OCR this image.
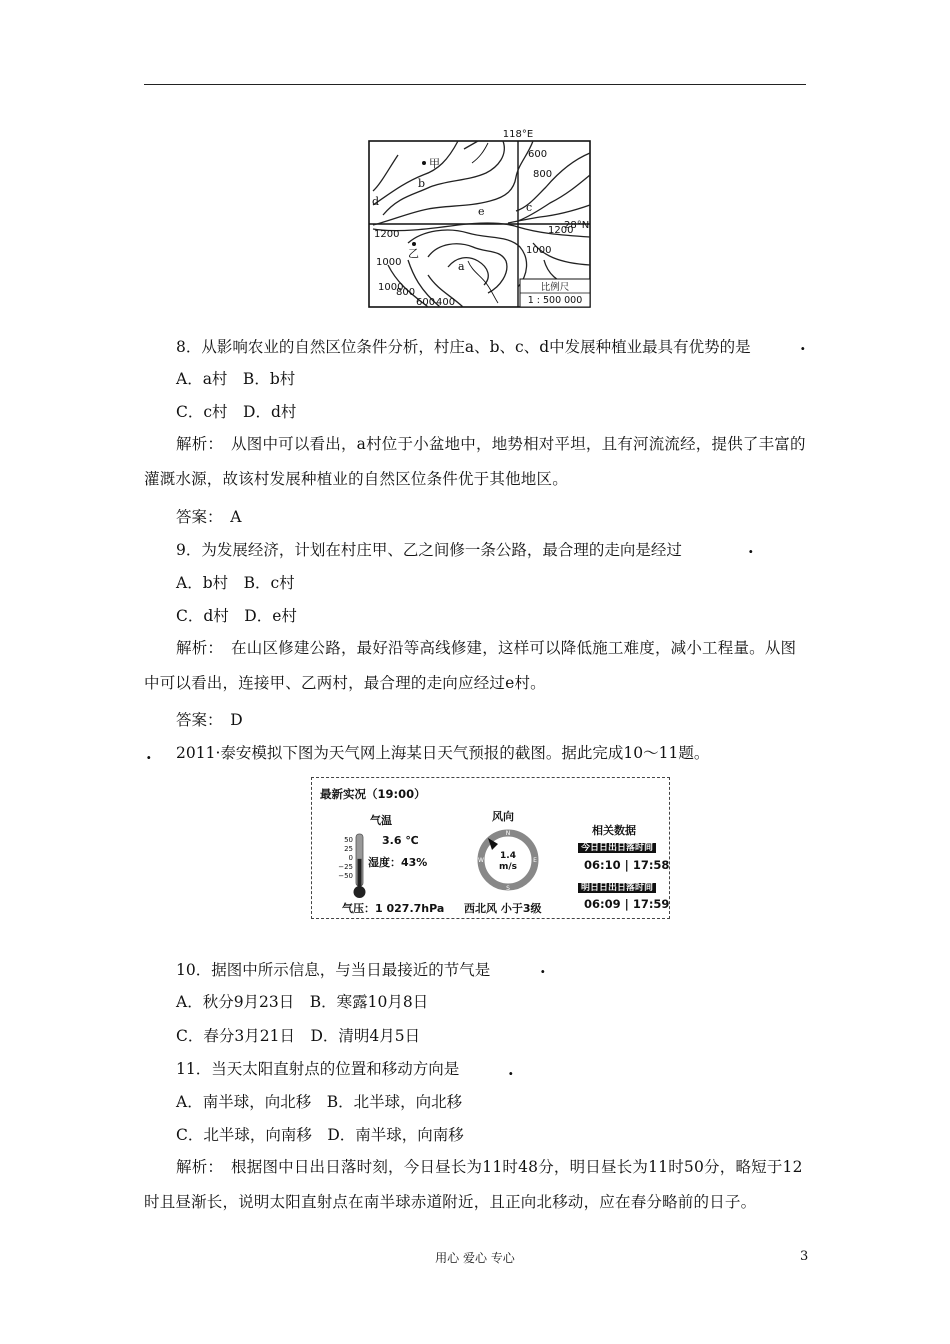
118°E
28°N
600
800
1200	1200
1000
1000
800
600 400
1000
甲
乙
a
b
c
d
e
比例尺
1 : 500 000
8．从影响农业的自然区位条件分析，村庄a、b、c、d中发展种植业最具有优势的是	.
A．a村　B．b村
C．c村　D．d村
解析：　从图中可以看出，a村位于小盆地中，地势相对平坦，且有河流流经，提供了丰富的灌溉水源，故该村发展种植业的自然区位条件优于其他地区。
答案：　A
9．为发展经济，计划在村庄甲、乙之间修一条公路，最合理的走向是经过	.
A．b村　B．c村
C．d村　D．e村
解析：　在山区修建公路，最好沿等高线修建，这样可以降低施工难度，减小工程量。从图中可以看出，连接甲、乙两村，最合理的走向应经过e村。
答案：　D
. 2011·泰安模拟下图为天气网上海某日天气预报的截图。据此完成10～11题。
最新实况（19:00）
气温
50
25
0
−25
−50
3.6 ℃
湿度：43%
气压：1 027.7hPa
风向
N
S
E
W 1.4
m/s
西北风 小于3级
相关数据
今日日出日落时间
06:10 | 17:58
明日日出日落时间
06:09 | 17:59
10．据图中所示信息，与当日最接近的节气是	.
A．秋分9月23日　B．寒露10月8日
C．春分3月21日　D．清明4月5日
11．当天太阳直射点的位置和移动方向是	.
A．南半球，向北移　B．北半球，向北移
C．北半球，向南移　D．南半球，向南移
解析：　根据图中日出日落时刻，今日昼长为11时48分，明日昼长为11时50分，略短于12时且昼渐长，说明太阳直射点在南半球赤道附近，且正向北移动，应在春分略前的日子。
用心 爱心 专心	3
